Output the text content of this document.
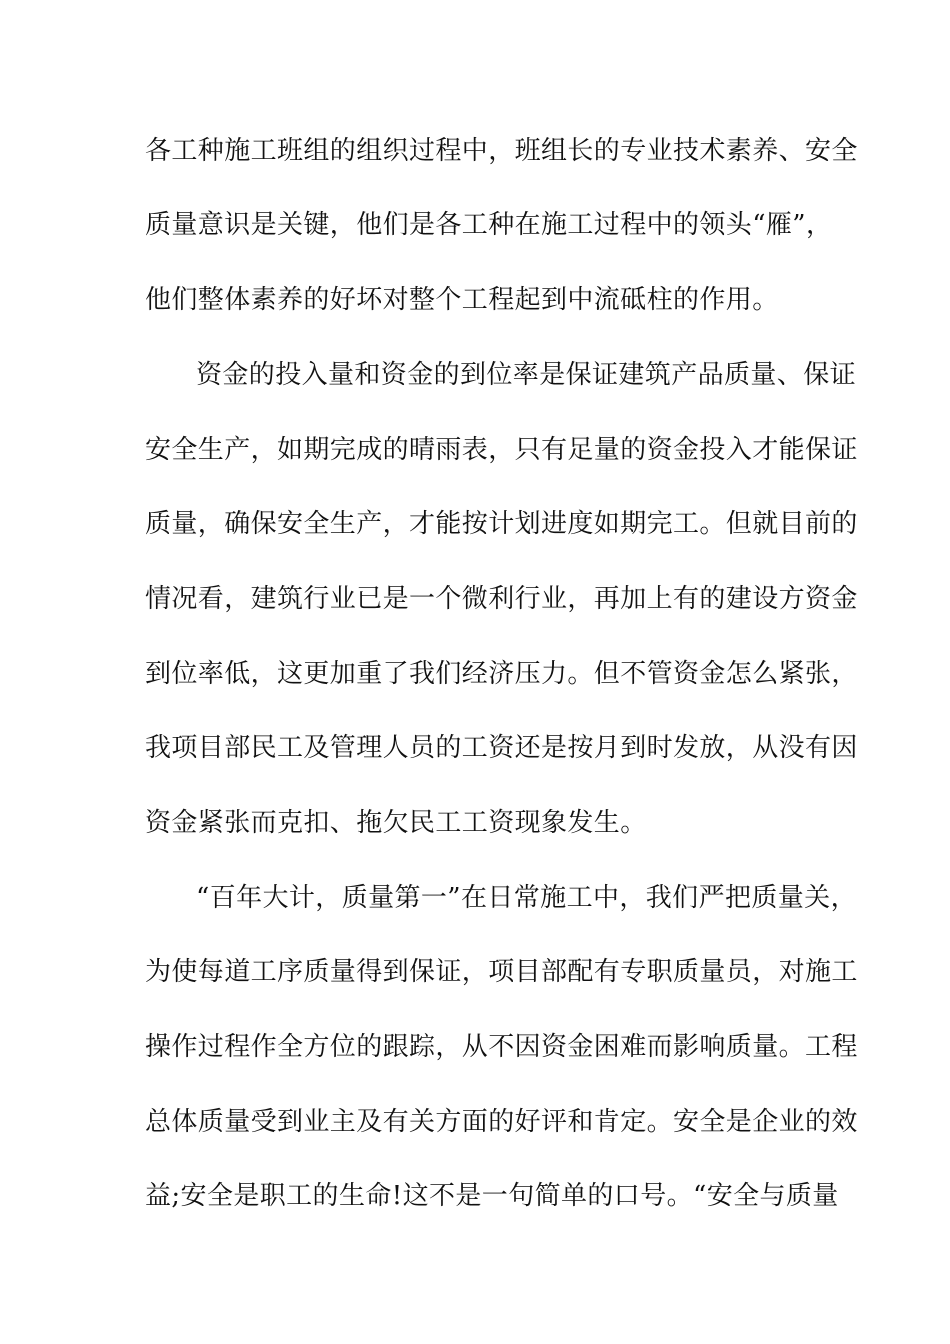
各工种施工班组的组织过程中，班组长的专业技术素养、安全
质量意识是关键，他们是各工种在施工过程中的领头“雁”，
他们整体素养的好坏对整个工程起到中流砥柱的作用。
资金的投入量和资金的到位率是保证建筑产品质量、保证
安全生产，如期完成的晴雨表，只有足量的资金投入才能保证
质量，确保安全生产，才能按计划进度如期完工。但就目前的
情况看，建筑行业已是一个微利行业，再加上有的建设方资金
到位率低，这更加重了我们经济压力。但不管资金怎么紧张，
我项目部民工及管理人员的工资还是按月到时发放，从没有因
资金紧张而克扣、拖欠民工工资现象发生。
“百年大计，质量第一”在日常施工中，我们严把质量关，
为使每道工序质量得到保证，项目部配有专职质量员，对施工
操作过程作全方位的跟踪，从不因资金困难而影响质量。工程
总体质量受到业主及有关方面的好评和肯定。安全是企业的效
益;安全是职工的生命!这不是一句简单的口号。“安全与质量
